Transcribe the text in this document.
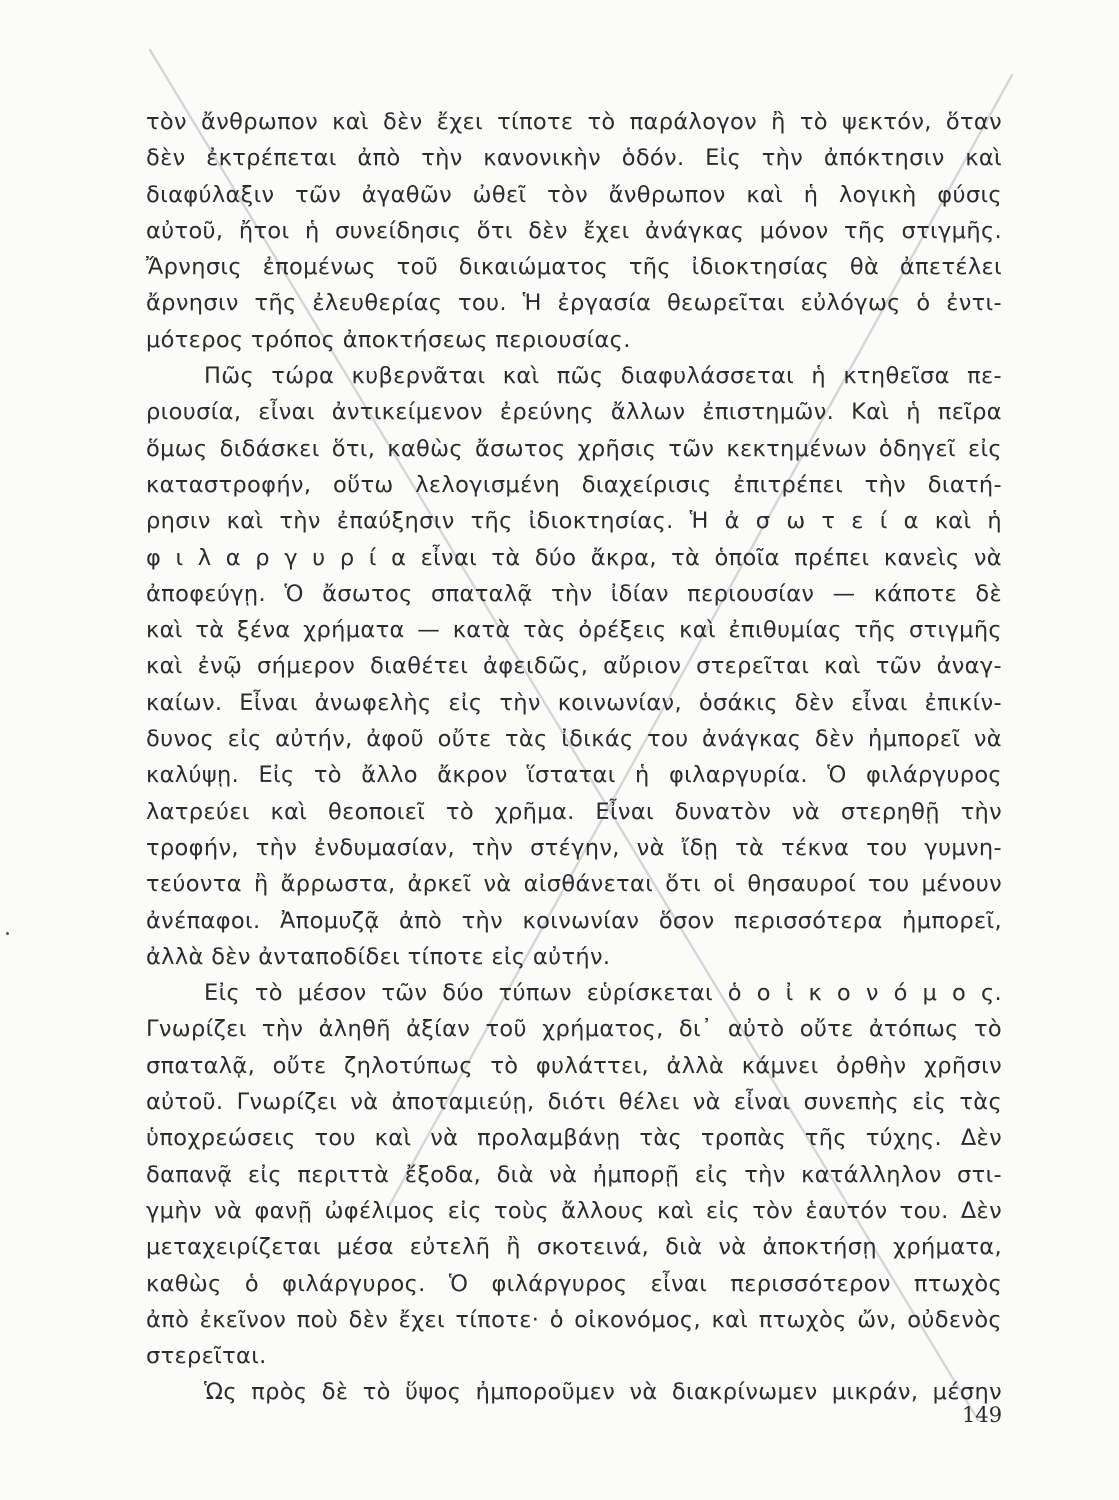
τὸν ἄνθρωπον καὶ δὲν ἔχει τίποτε τὸ παράλογον ἢ τὸ ψεκτόν, ὅταν
δὲν ἐκτρέπεται ἀπὸ τὴν κανονικὴν ὁδόν. Εἰς τὴν ἀπόκτησιν καὶ
διαφύλαξιν τῶν ἀγαθῶν ὠθεῖ τὸν ἄνθρωπον καὶ ἡ λογικὴ φύσις
αὐτοῦ, ἤτοι ἡ συνείδησις ὅτι δὲν ἔχει ἀνάγκας μόνον τῆς στιγμῆς.
Ἄρνησις ἐπομένως τοῦ δικαιώματος τῆς ἰδιοκτησίας θὰ ἀπετέλει
ἄρνησιν τῆς ἐλευθερίας του. Ἡ ἐργασία θεωρεῖται εὐλόγως ὁ ἐντι-
μότερος τρόπος ἀποκτήσεως περιουσίας.
Πῶς τώρα κυβερνᾶται καὶ πῶς διαφυλάσσεται ἡ κτηθεῖσα πε-
ριουσία, εἶναι ἀντικείμενον ἐρεύνης ἄλλων ἐπιστημῶν. Καὶ ἡ πεῖρα
ὅμως διδάσκει ὅτι, καθὼς ἄσωτος χρῆσις τῶν κεκτημένων ὁδηγεῖ εἰς
καταστροφήν, οὕτω λελογισμένη διαχείρισις ἐπιτρέπει τὴν διατή-
ρησιν καὶ τὴν ἐπαύξησιν τῆς ἰδιοκτησίας. Ἡ ἀ σ ω τ ε ί α καὶ ἡ
φ ι λ α ρ γ υ ρ ί α εἶναι τὰ δύο ἄκρα, τὰ ὁποῖα πρέπει κανεὶς νὰ
ἀποφεύγῃ. Ὁ ἄσωτος σπαταλᾷ τὴν ἰδίαν περιουσίαν — κάποτε δὲ
καὶ τὰ ξένα χρήματα — κατὰ τὰς ὀρέξεις καὶ ἐπιθυμίας τῆς στιγμῆς
καὶ ἐνῷ σήμερον διαθέτει ἀφειδῶς, αὔριον στερεῖται καὶ τῶν ἀναγ-
καίων. Εἶναι ἀνωφελὴς εἰς τὴν κοινωνίαν, ὁσάκις δὲν εἶναι ἐπικίν-
δυνος εἰς αὐτήν, ἀφοῦ οὔτε τὰς ἰδικάς του ἀνάγκας δὲν ἠμπορεῖ νὰ
καλύψῃ. Εἰς τὸ ἄλλο ἄκρον ἵσταται ἡ φιλαργυρία. Ὁ φιλάργυρος
λατρεύει καὶ θεοποιεῖ τὸ χρῆμα. Εἶναι δυνατὸν νὰ στερηθῇ τὴν
τροφήν, τὴν ἐνδυμασίαν, τὴν στέγην, νὰ ἴδῃ τὰ τέκνα του γυμνη-
τεύοντα ἢ ἄρρωστα, ἀρκεῖ νὰ αἰσθάνεται ὅτι οἱ θησαυροί του μένουν
ἀνέπαφοι. Ἀπομυζᾷ ἀπὸ τὴν κοινωνίαν ὅσον περισσότερα ἠμπορεῖ,
ἀλλὰ δὲν ἀνταποδίδει τίποτε εἰς αὐτήν.
Εἰς τὸ μέσον τῶν δύο τύπων εὑρίσκεται ὁ ο ἰ κ ο ν ό μ ο ς.
Γνωρίζει τὴν ἀληθῆ ἀξίαν τοῦ χρήματος, δι᾽ αὐτὸ οὔτε ἀτόπως τὸ
σπαταλᾷ, οὔτε ζηλοτύπως τὸ φυλάττει, ἀλλὰ κάμνει ὀρθὴν χρῆσιν
αὐτοῦ. Γνωρίζει νὰ ἀποταμιεύῃ, διότι θέλει νὰ εἶναι συνεπὴς εἰς τὰς
ὑποχρεώσεις του καὶ νὰ προλαμβάνῃ τὰς τροπὰς τῆς τύχης. Δὲν
δαπανᾷ εἰς περιττὰ ἔξοδα, διὰ νὰ ἠμπορῇ εἰς τὴν κατάλληλον στι-
γμὴν νὰ φανῇ ὠφέλιμος εἰς τοὺς ἄλλους καὶ εἰς τὸν ἑαυτόν του. Δὲν
μεταχειρίζεται μέσα εὐτελῆ ἢ σκοτεινά, διὰ νὰ ἀποκτήσῃ χρήματα,
καθὼς ὁ φιλάργυρος. Ὁ φιλάργυρος εἶναι περισσότερον πτωχὸς
ἀπὸ ἐκεῖνον ποὺ δὲν ἔχει τίποτε· ὁ οἰκονόμος, καὶ πτωχὸς ὤν, οὐδενὸς
στερεῖται.
Ὡς πρὸς δὲ τὸ ὕψος ἠμποροῦμεν νὰ διακρίνωμεν μικράν, μέσην
149
